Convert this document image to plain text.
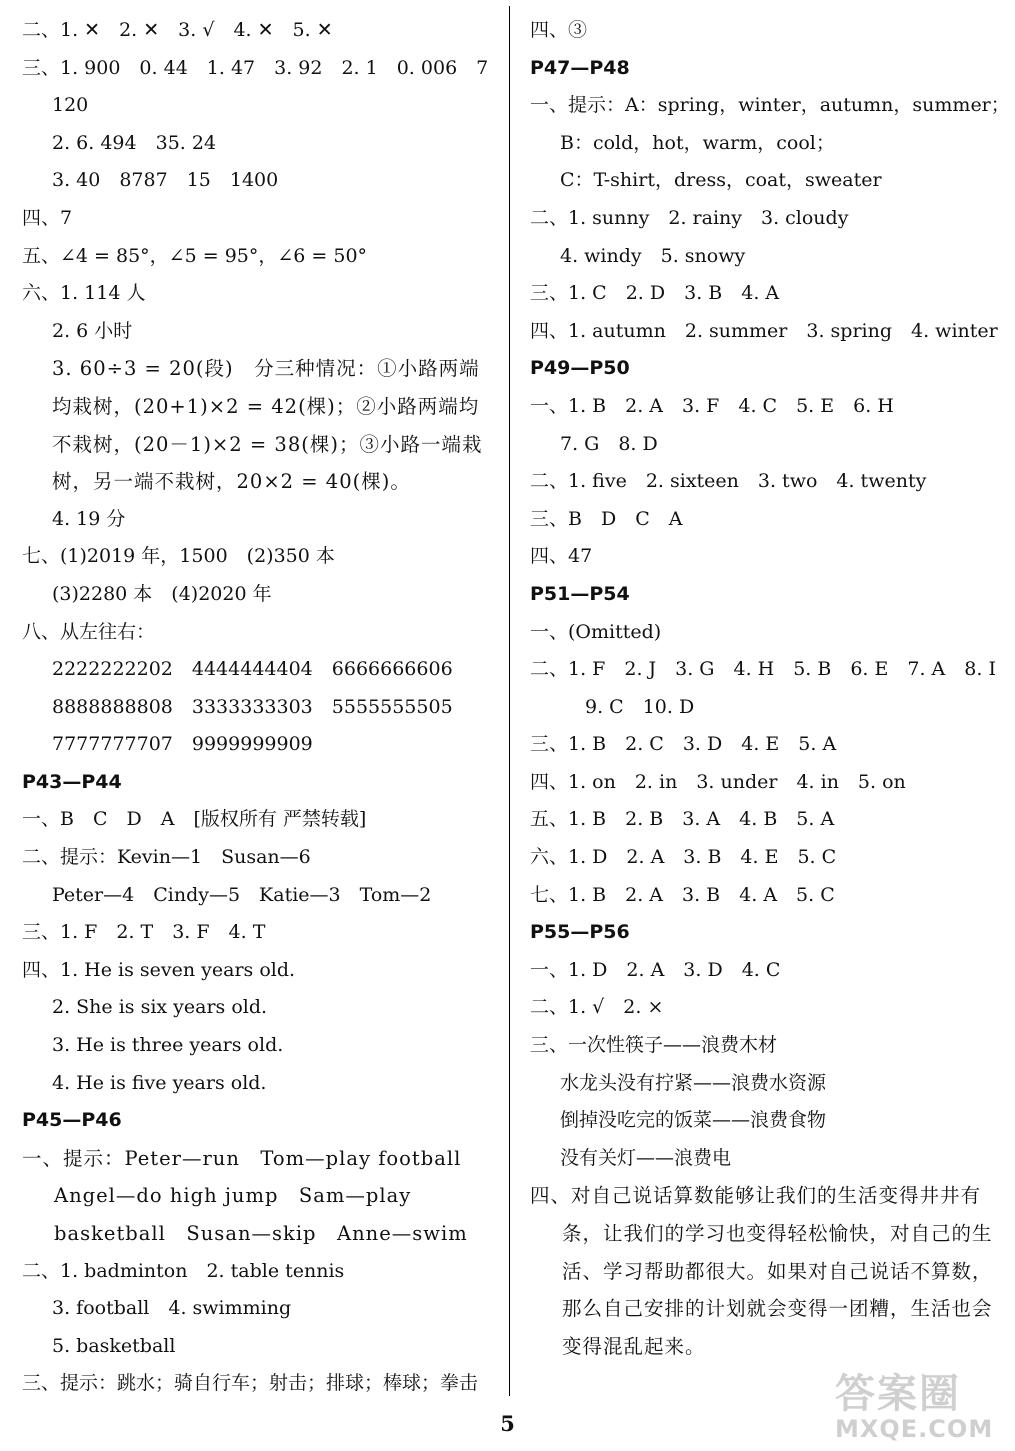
二、1. ✕　2. ✕　3. √　4. ✕　5. ✕
三、1. 900　0. 44　1. 47　3. 92　2. 1　0. 006　7
120
2. 6. 494　35. 24
3. 40　8787　15　1400
四、7
五、∠4 = 85°，∠5 = 95°，∠6 = 50°
六、1. 114 人
2. 6 小时
3. 60÷3 = 20(段)　分三种情况：①小路两端均栽树，(20+1)×2 = 42(棵)；②小路两端均不栽树，(20－1)×2 = 38(棵)；③小路一端栽树，另一端不栽树，20×2 = 40(棵)。
4. 19 分
七、(1)2019 年，1500　(2)350 本
(3)2280 本　(4)2020 年
八、从左往右：
2222222202　4444444404　6666666606
8888888808　3333333303　5555555505
7777777707　9999999909
P43—P44
一、B　C　D　A　[版权所有 严禁转载]
二、提示：Kevin—1　Susan—6
Peter—4　Cindy—5　Katie—3　Tom—2
三、1. F　2. T　3. F　4. T
四、1. He is seven years old.
2. She is six years old.
3. He is three years old.
4. He is five years old.
P45—P46
一、提示：Peter—run　Tom—play football　Angel—do high jump　Sam—play basketball　Susan—skip　Anne—swim
二、1. badminton　2. table tennis
3. football　4. swimming
5. basketball
三、提示：跳水；骑自行车；射击；排球；棒球；拳击
四、③
P47—P48
一、提示：A：spring，winter，autumn，summer；
B：cold，hot，warm，cool；
C：T-shirt，dress，coat，sweater
二、1. sunny　2. rainy　3. cloudy
4. windy　5. snowy
三、1. C　2. D　3. B　4. A
四、1. autumn　2. summer　3. spring　4. winter
P49—P50
一、1. B　2. A　3. F　4. C　5. E　6. H
7. G　8. D
二、1. five　2. sixteen　3. two　4. twenty
三、B　D　C　A
四、47
P51—P54
一、(Omitted)
二、1. F　2. J　3. G　4. H　5. B　6. E　7. A　8. I
9. C　10. D
三、1. B　2. C　3. D　4. E　5. A
四、1. on　2. in　3. under　4. in　5. on
五、1. B　2. B　3. A　4. B　5. A
六、1. D　2. A　3. B　4. E　5. C
七、1. B　2. A　3. B　4. A　5. C
P55—P56
一、1. D　2. A　3. D　4. C
二、1. √　2. ×
三、一次性筷子——浪费木材
水龙头没有拧紧——浪费水资源
倒掉没吃完的饭菜——浪费食物
没有关灯——浪费电
四、对自己说话算数能够让我们的生活变得井井有条，让我们的学习也变得轻松愉快，对自己的生活、学习帮助都很大。如果对自己说话不算数，那么自己安排的计划就会变得一团糟，生活也会变得混乱起来。
5
答案圈
MXQE.COM
